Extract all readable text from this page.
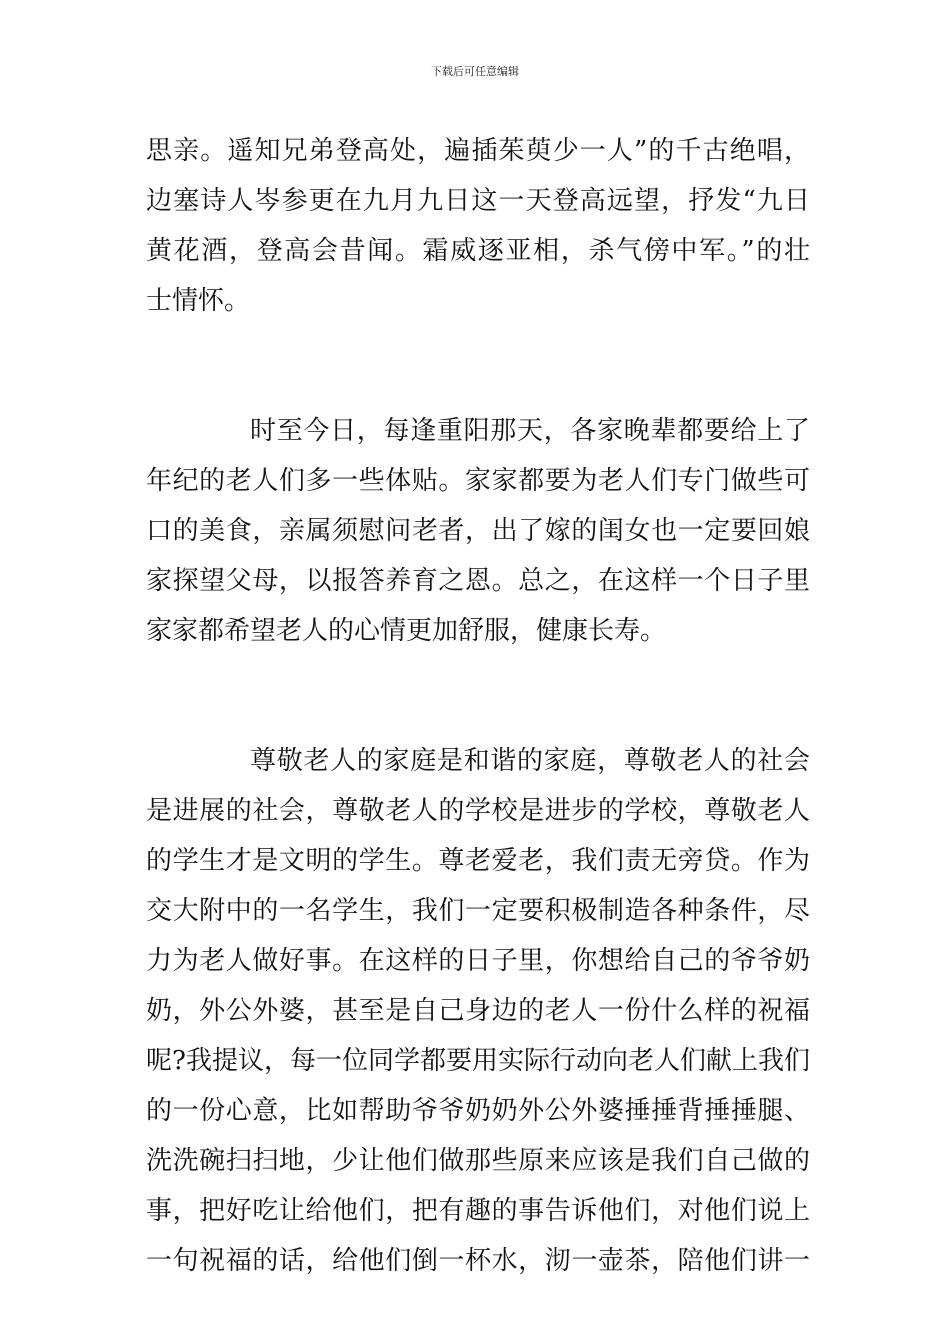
下载后可任意编辑
思亲。遥知兄弟登高处，遍插茱萸少一人”的千古绝唱，
边塞诗人岑参更在九月九日这一天登高远望，抒发“九日
黄花酒，登高会昔闻。霜威逐亚相，杀气傍中军。”的壮
士情怀。
时至今日，每逢重阳那天，各家晚辈都要给上了
年纪的老人们多一些体贴。家家都要为老人们专门做些可
口的美食，亲属须慰问老者，出了嫁的闺女也一定要回娘
家探望父母，以报答养育之恩。总之，在这样一个日子里
家家都希望老人的心情更加舒服，健康长寿。
尊敬老人的家庭是和谐的家庭，尊敬老人的社会
是进展的社会，尊敬老人的学校是进步的学校，尊敬老人
的学生才是文明的学生。尊老爱老，我们责无旁贷。作为
交大附中的一名学生，我们一定要积极制造各种条件，尽
力为老人做好事。在这样的日子里，你想给自己的爷爷奶
奶，外公外婆，甚至是自己身边的老人一份什么样的祝福
呢?我提议，每一位同学都要用实际行动向老人们献上我们
的一份心意，比如帮助爷爷奶奶外公外婆捶捶背捶捶腿、
洗洗碗扫扫地，少让他们做那些原来应该是我们自己做的
事，把好吃让给他们，把有趣的事告诉他们，对他们说上
一句祝福的话，给他们倒一杯水，沏一壶茶，陪他们讲一
